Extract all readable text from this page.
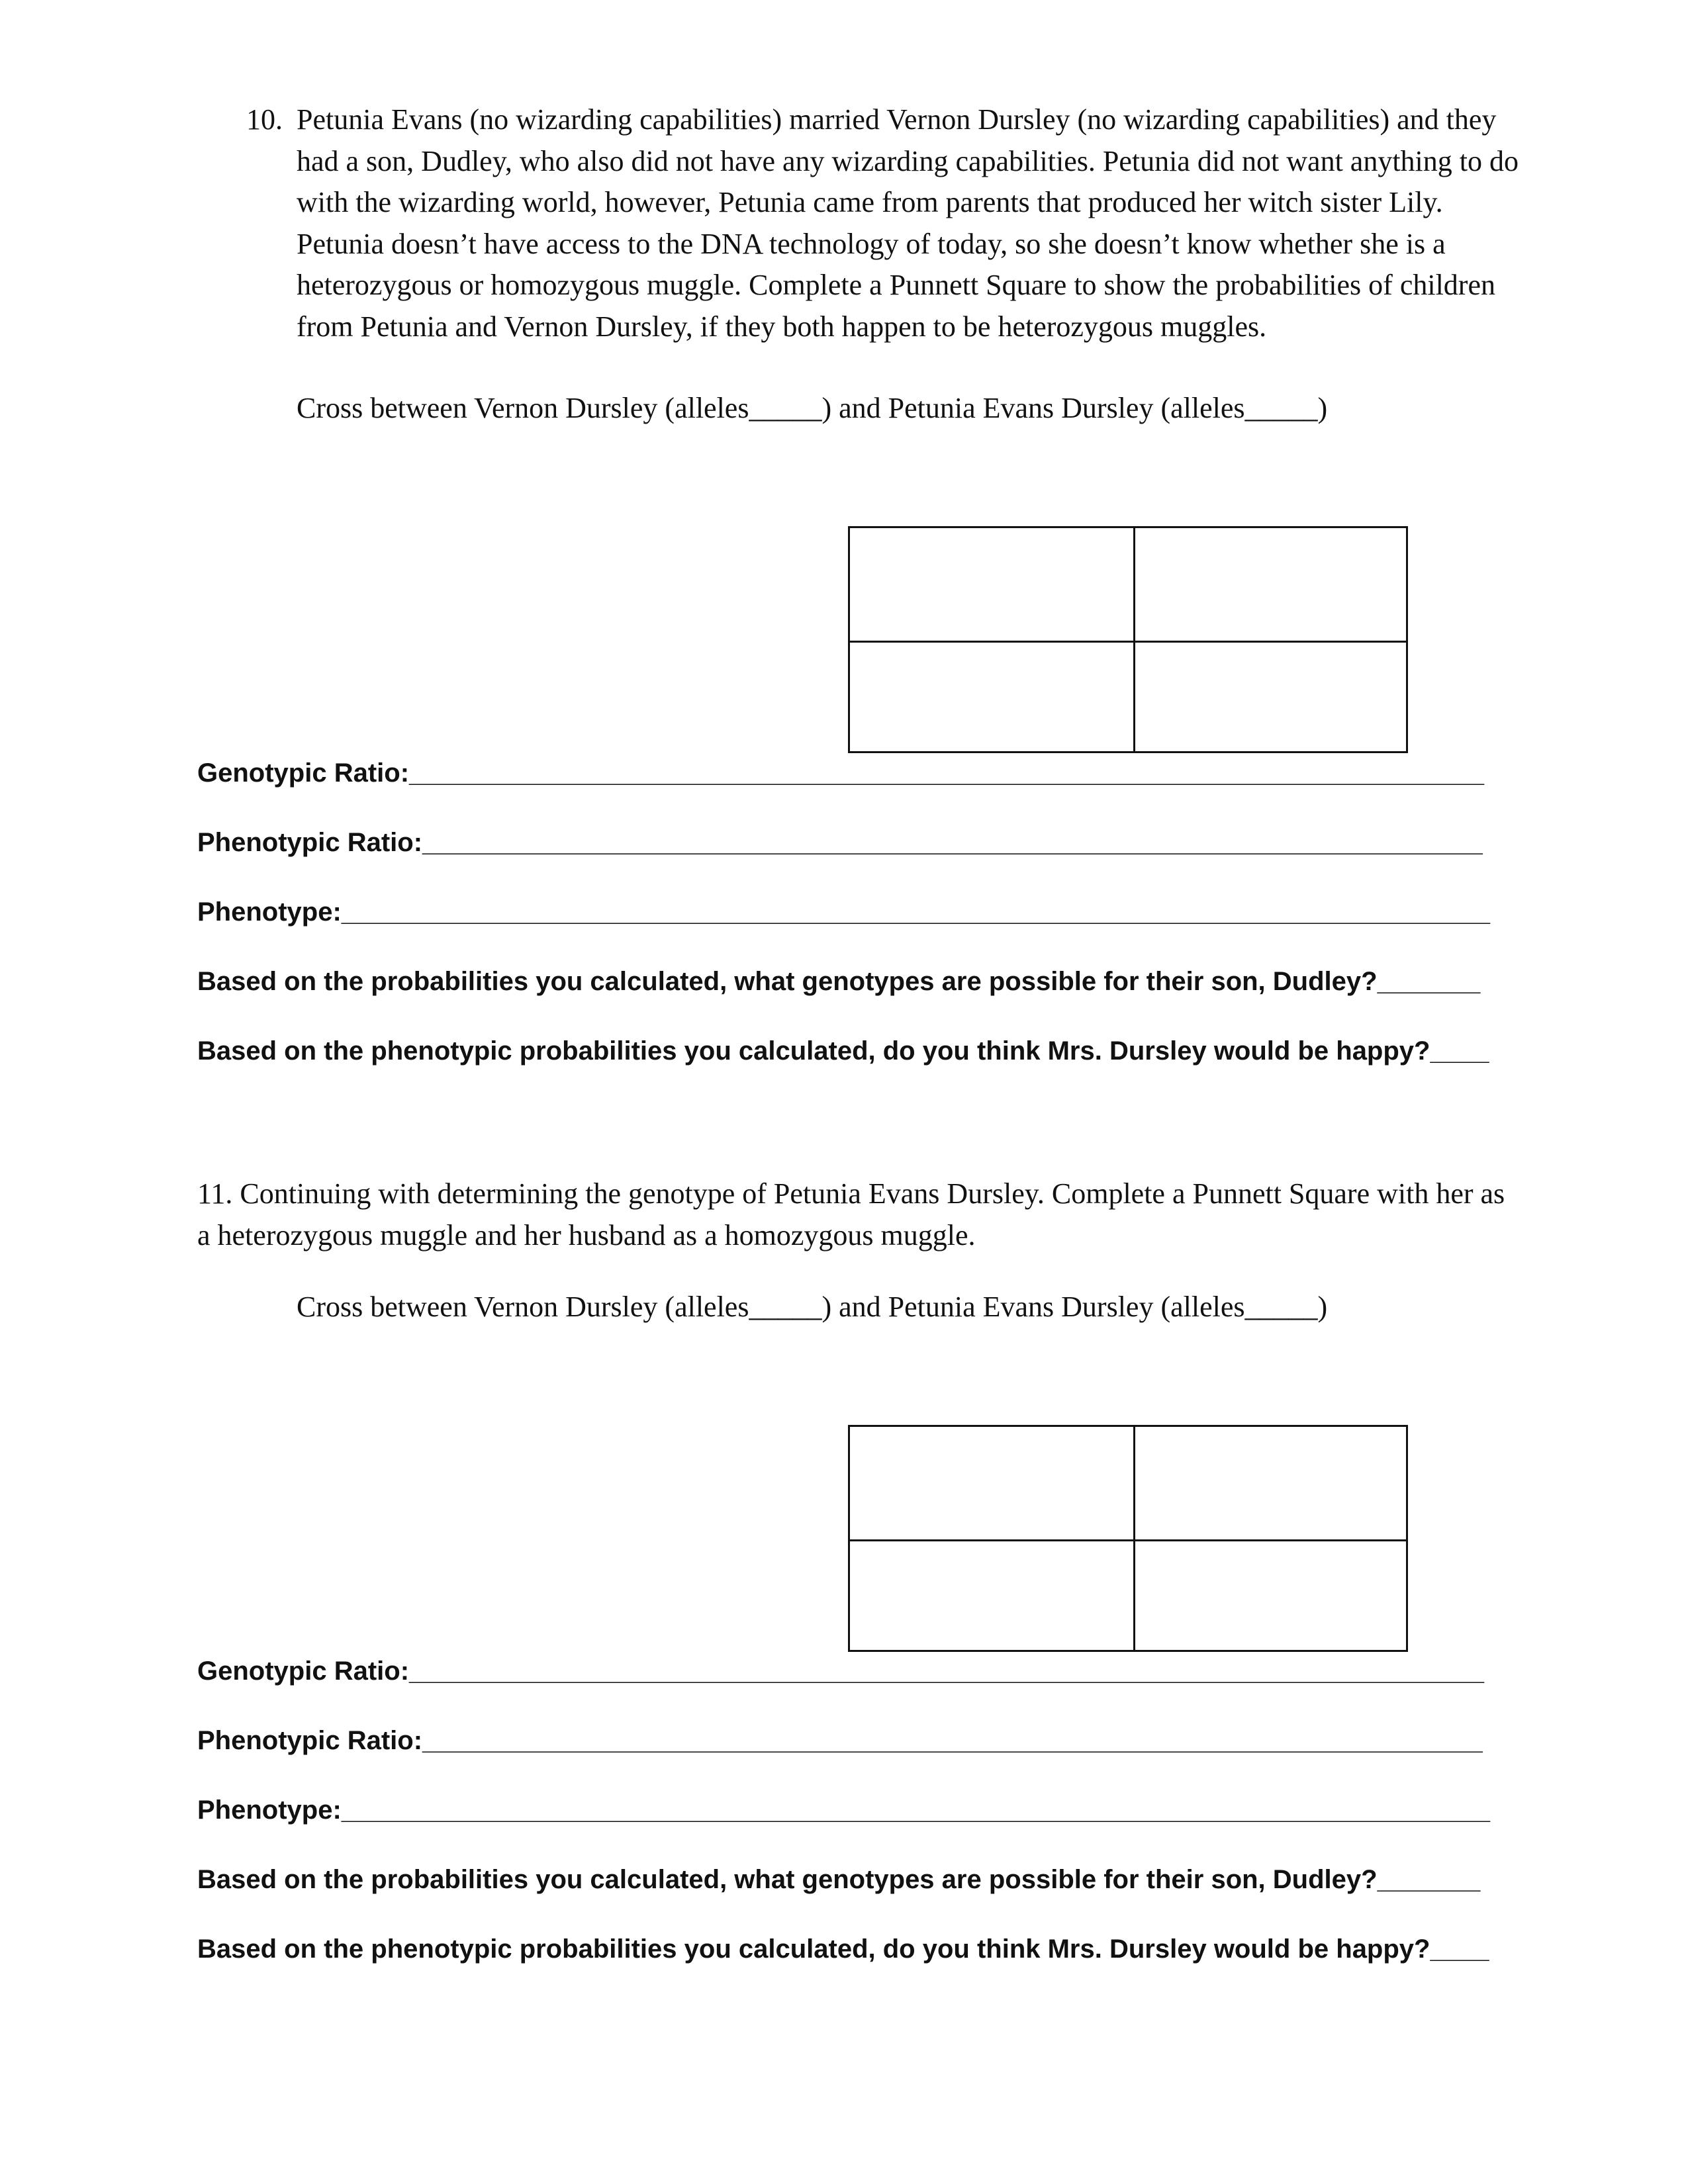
10. Petunia Evans (no wizarding capabilities) married Vernon Dursley (no wizarding capabilities) and they
had a son, Dudley, who also did not have any wizarding capabilities. Petunia did not want anything to do
with the wizarding world, however, Petunia came from parents that produced her witch sister Lily.
Petunia doesn’t have access to the DNA technology of today, so she doesn’t know whether she is a
heterozygous or homozygous muggle. Complete a Punnett Square to show the probabilities of children
from Petunia and Vernon Dursley, if they both happen to be heterozygous muggles.
Cross between Vernon Dursley (alleles_____) and Petunia Evans Dursley (alleles_____)
Genotypic Ratio:_________________________________________________________________________
Phenotypic Ratio:________________________________________________________________________
Phenotype:______________________________________________________________________________
Based on the probabilities you calculated, what genotypes are possible for their son, Dudley?_______
Based on the phenotypic probabilities you calculated, do you think Mrs. Dursley would be happy?____
11. Continuing with determining the genotype of Petunia Evans Dursley. Complete a Punnett Square with her as
a heterozygous muggle and her husband as a homozygous muggle.
Cross between Vernon Dursley (alleles_____) and Petunia Evans Dursley (alleles_____)
Genotypic Ratio:_________________________________________________________________________
Phenotypic Ratio:________________________________________________________________________
Phenotype:______________________________________________________________________________
Based on the probabilities you calculated, what genotypes are possible for their son, Dudley?_______
Based on the phenotypic probabilities you calculated, do you think Mrs. Dursley would be happy?____
